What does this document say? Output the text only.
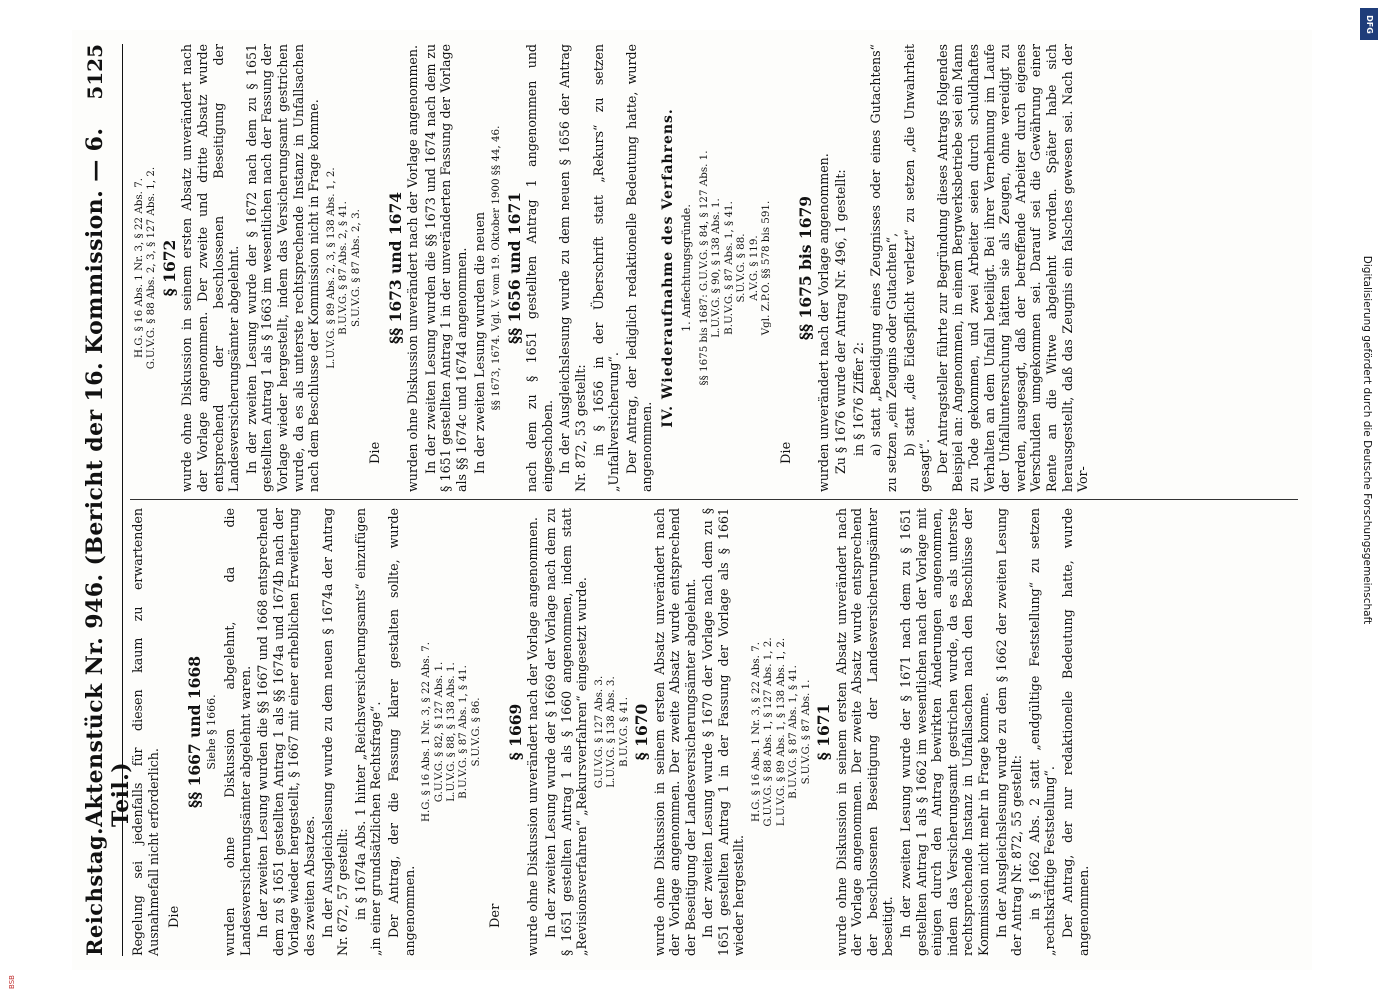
Reichstag.
Aktenstück Nr. 946. (Bericht der 16. Kommission. — 6. Teil.)
5125

Regelung sei jedenfalls für diesen kaum zu erwartenden Ausnahmefall nicht erforderlich. Die

§§ 1667 und 1668 Siehe § 1666. wurden ohne Diskussion abgelehnt, da die Landesversicherungsämter abgelehnt waren. In der zweiten Lesung wurden die §§ 1667 und 1668 entsprechend dem zu § 1651 gestellten Antrag 1 als §§ 1674a und 1674b nach der Vorlage wieder hergestellt, § 1667 mit einer erheblichen Erweiterung des zweiten Absatzes. In der Ausgleichslesung wurde zu dem neuen § 1674a der Antrag Nr. 672, 57 gestellt: in § 1674a Abs. 1 hinter „Reichsversicherungsamts“ einzufügen „in einer grundsätzlichen Rechtsfrage“. Der Antrag, der die Fassung klarer gestalten sollte, wurde angenommen.

H.G. § 16 Abs. 1 Nr. 3, § 22 Abs. 7. G.U.V.G. § 82, § 127 Abs. 1. L.U.V.G. § 88, § 138 Abs. 1. B.U.V.G. § 87 Abs. 1, § 41. S.U.V.G. § 86.

Der

§ 1669 wurde ohne Diskussion unverändert nach der Vorlage angenommen. In der zweiten Lesung wurde der § 1669 der Vorlage nach dem zu § 1651 gestellten Antrag 1 als § 1660 angenommen, indem statt „Revisionsverfahren“ „Rekursverfahren“ eingesetzt wurde. G.U.V.G. § 127 Abs. 3. L.U.V.G. § 138 Abs. 3. B.U.V.G. § 41. § 1670 wurde ohne Diskussion in seinem ersten Absatz unverändert nach der Vorlage angenommen. Der zweite Absatz wurde entsprechend der Beseitigung der Landesversicherungsämter abgelehnt. In der zweiten Lesung wurde § 1670 der Vorlage nach dem zu § 1651 gestellten Antrag 1 in der Fassung der Vorlage als § 1661 wieder hergestellt.

H.G. § 16 Abs. 1 Nr. 3, § 22 Abs. 7. G.U.V.G. § 88 Abs. 1, § 127 Abs. 1, 2. L.U.V.G. § 89 Abs. 1, § 138 Abs. 1, 2. B.U.V.G. § 87 Abs. 1, § 41. S.U.V.G. § 87 Abs. 1. § 1671 wurde ohne Diskussion in seinem ersten Absatz unverändert nach der Vorlage angenommen. Der zweite Absatz wurde entsprechend der beschlossenen Beseitigung der Landesversicherungsämter beseitigt. In der zweiten Lesung wurde der § 1671 nach dem zu § 1651 gestellten Antrag 1 als § 1662 im wesentlichen nach der Vorlage mit einigen durch den Antrag bewirkten Änderungen angenommen, indem das Versicherungsamt gestrichen wurde, da es als unterste rechtsprechende Instanz in Unfallsachen nach den Beschlüsse der Kommission nicht mehr in Frage komme. In der Ausgleichslesung wurde zu dem § 1662 der zweiten Lesung der Antrag Nr. 872, 55 gestellt: in § 1662 Abs. 2 statt „endgültige Feststellung“ zu setzen „rechtskräftige Feststellung“. Der Antrag, der nur redaktionelle Bedeutung hatte, wurde angenommen.

H.G. § 16 Abs. 1 Nr. 3, § 22 Abs. 7. G.U.V.G. § 88 Abs. 2, 3, § 127 Abs. 1, 2. § 1672 wurde ohne Diskussion in seinem ersten Absatz unverändert nach der Vorlage angenommen. Der zweite und dritte Absatz wurde entsprechend der beschlossenen Beseitigung der Landesversicherungsämter abgelehnt. In der zweiten Lesung wurde der § 1672 nach dem zu § 1651 gestellten Antrag 1 als § 1663 im wesentlichen nach der Fassung der Vorlage wieder hergestellt, indem das Versicherungsamt gestrichen wurde, da es als unterste rechtsprechende Instanz in Unfallsachen nach dem Beschlusse der Kommission nicht in Frage komme. L.U.V.G. § 89 Abs. 2, 3, § 138 Abs. 1, 2. B.U.V.G. § 87 Abs. 2, § 41. S.U.V.G. § 87 Abs. 2, 3.

Die

§§ 1673 und 1674 wurden ohne Diskussion unverändert nach der Vorlage angenommen. In der zweiten Lesung wurden die §§ 1673 und 1674 nach dem zu § 1651 gestellten Antrag 1 in der unveränderten Fassung der Vorlage als §§ 1674c und 1674d angenommen. In der zweiten Lesung wurden die neuen §§ 1673, 1674. Vgl. V. vom 19. Oktober 1900 §§ 44, 46. §§ 1656 und 1671 nach dem zu § 1651 gestellten Antrag 1 angenommen und eingeschoben. In der Ausgleichslesung wurde zu dem neuen § 1656 der Antrag Nr. 872, 53 gestellt: in § 1656 in der Überschrift statt „Rekurs“ zu setzen „Unfallversicherung“. Der Antrag, der lediglich redaktionelle Bedeutung hatte, wurde angenommen.

IV. Wiederaufnahme des Verfahrens. 1. Anfechtungsgründe. §§ 1675 bis 1687: G.U.V.G. § 84, § 127 Abs. 1. L.U.V.G. § 90, § 138 Abs. 1. B.U.V.G. § 87 Abs. 1, § 41. S.U.V.G. § 88. A.V.G. § 119. Vgl. Z.P.O. §§ 578 bis 591.

Die

§§ 1675 bis 1679 wurden unverändert nach der Vorlage angenommen. Zu § 1676 wurde der Antrag Nr. 496, 1 gestellt: in § 1676 Ziffer 2: a) statt „Beeidigung eines Zeugnisses oder eines Gutachtens“ zu setzen „ein Zeugnis oder Gutachten“, b) statt „die Eidespflicht verletzt“ zu setzen „die Unwahrheit gesagt“. Der Antragsteller führte zur Begründung dieses Antrags folgendes Beispiel an: Angenommen, in einem Bergwerksbetriebe sei ein Mann zu Tode gekommen, und zwei Arbeiter seien durch schuldhaftes Verhalten an dem Unfall beteiligt. Bei ihrer Vernehmung im Laufe der Unfalluntersuchung hätten sie als Zeugen, ohne vereidigt zu werden, ausgesagt, daß der betreffende Arbeiter durch eigenes Verschulden umgekommen sei. Darauf sei die Gewährung einer Rente an die Witwe abgelehnt worden. Später habe sich herausgestellt, daß das Zeugnis ein falsches gewesen sei. Nach der Vor-

DFG
Digitalisierung gefördert durch die Deutsche Forschungsgemeinschaft
BSB
